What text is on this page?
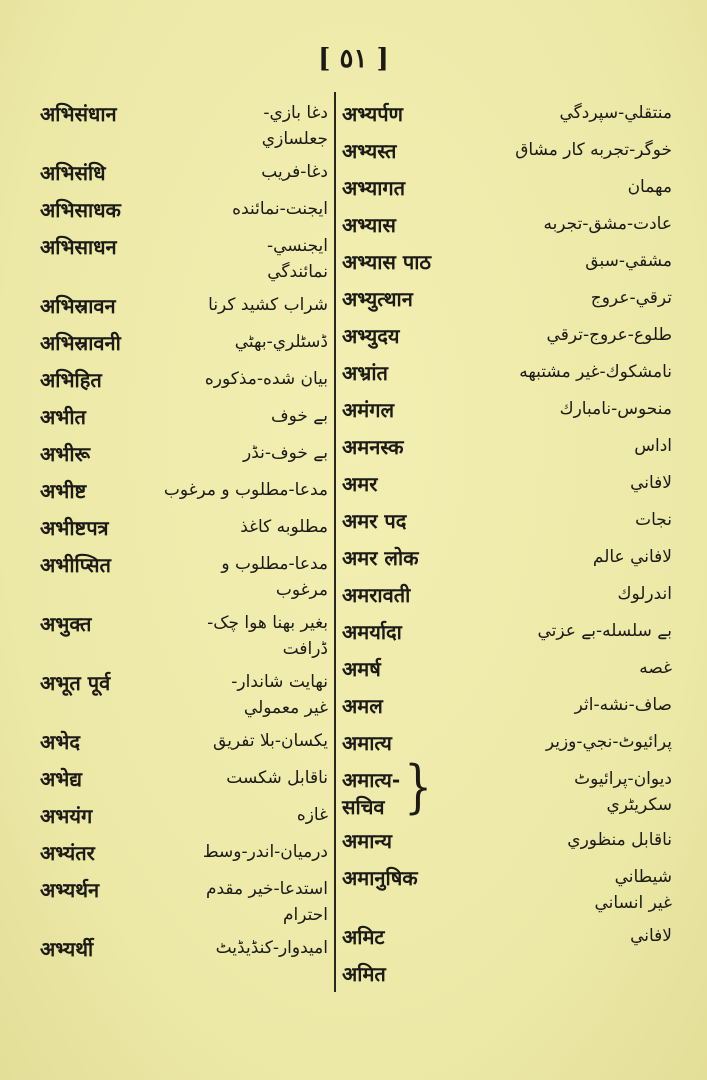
[ ٥١ ]
अभिसंधान	دغا بازي-
جعلسازي
अभिसंधि	دغا-فريب
अभिसाधक	ايجنت-نمائنده
अभिसाधन	ايجنسي-
نمائندگي
अभिस्रावन	شراب كشيد كرنا
अभिस्रावनी	ڈسٹلري-بهٹي
अभिहित	بيان شده-مذكوره
अभीत	بے خوف
अभीरू	بے خوف-نڈر
अभीष्ट	مدعا-مطلوب و مرغوب
अभीष्टपत्र	مطلوبه كاغذ
अभीप्सित	مدعا-مطلوب و
مرغوب
अभुक्त	بغير بهنا هوا چک-
ڈرافت
अभूत पूर्व	نهايت شاندار-
غير معمولي
अभेद	يكسان-بلا تفريق
अभेद्य	ناقابل شكست
अभयंग	غازه
अभ्यंतर	درميان-اندر-وسط
अभ्यर्थन	استدعا-خير مقدم
احترام
अभ्यर्थी	اميدوار-كنڈيڈيٹ
अभ्यर्पण	منتقلي-سپردگي
अभ्यस्त	خوگر-تجربه كار مشاق
अभ्यागत	مهمان
अभ्यास	عادت-مشق-تجربه
अभ्यास पाठ	مشقي-سبق
अभ्युत्थान	ترقي-عروج
अभ्युदय	طلوع-عروج-ترقي
अभ्रांत	نامشكوك-غير مشتبهه
अमंगल	منحوس-نامبارك
अमनस्क	اداس
अमर	لافاني
अमर पद	نجات
अमर लोक	لافاني عالم
अमरावती	اندرلوك
अमर्यादा	بے سلسله-بے عزتي
अमर्ष	غصه
अमल	صاف-نشه-اثر
अमात्य	پرائيوٹ-نجي-وزير
अमात्य-
सचिव }	ديوان-پرائيوٹ
سكريٹري
अमान्य	ناقابل منظوري
अमानुषिक	شيطاني
غير انساني
अमिट	لافاني
अमित
